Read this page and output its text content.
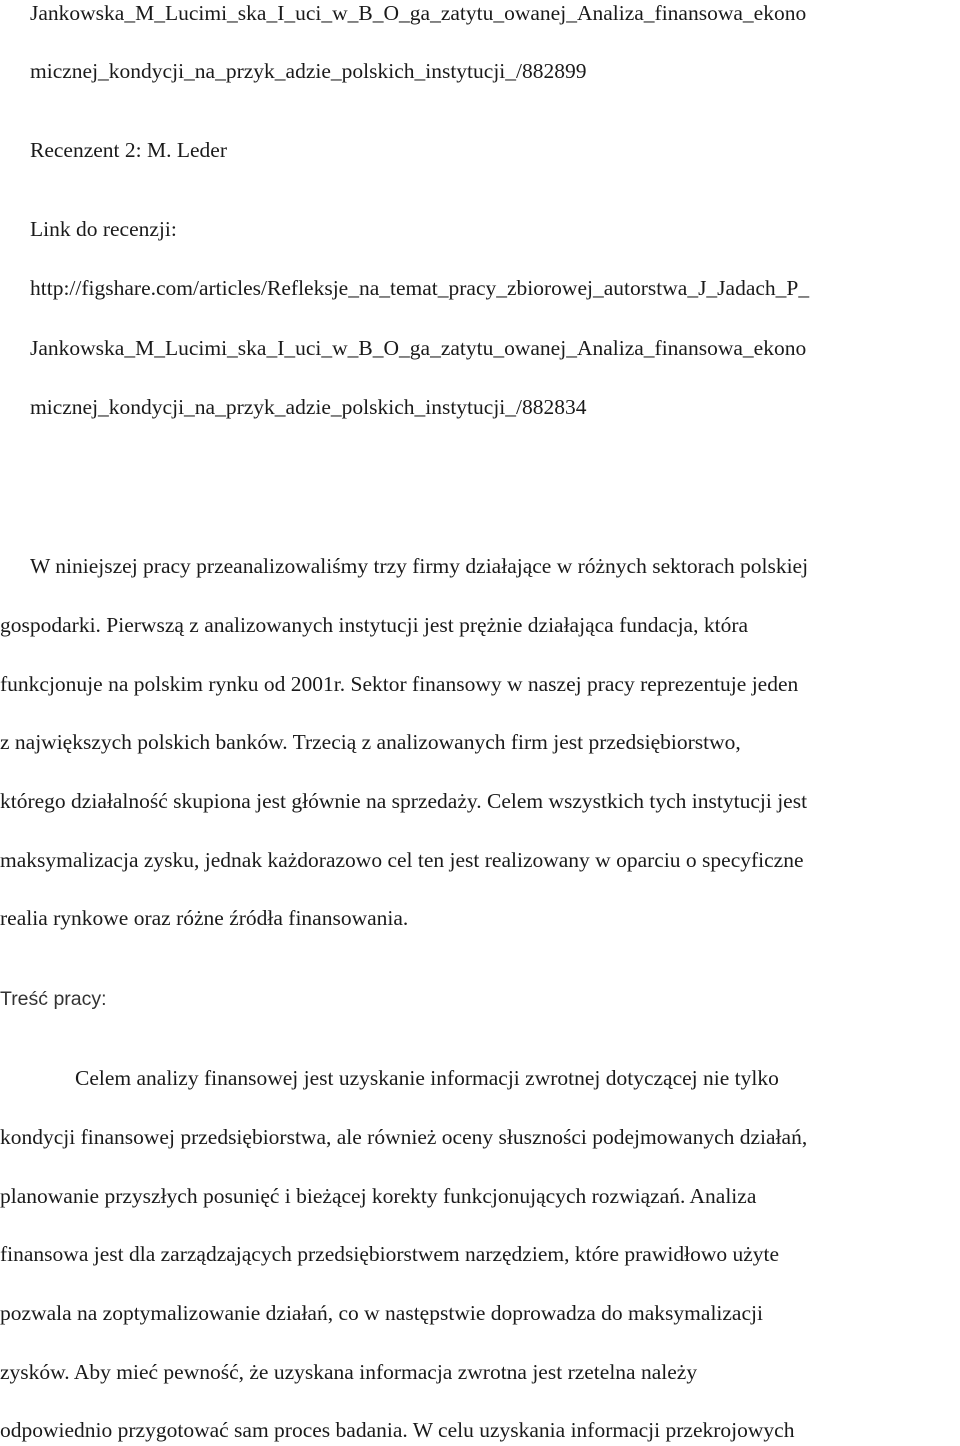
Jankowska_M_Lucimi_ska_I_uci_w_B_O_ga_zatytu_owanej_Analiza_finansowa_ekono
micznej_kondycji_na_przyk_adzie_polskich_instytucji_/882899
Recenzent 2: M. Leder
Link do recenzji:
http://figshare.com/articles/Refleksje_na_temat_pracy_zbiorowej_autorstwa_J_Jadach_P_
Jankowska_M_Lucimi_ska_I_uci_w_B_O_ga_zatytu_owanej_Analiza_finansowa_ekono
micznej_kondycji_na_przyk_adzie_polskich_instytucji_/882834
W niniejszej pracy przeanalizowaliśmy trzy firmy działające w różnych sektorach polskiej
gospodarki. Pierwszą z analizowanych instytucji jest prężnie działająca fundacja, która
funkcjonuje na polskim rynku od 2001r. Sektor finansowy w naszej pracy reprezentuje jeden
z największych polskich banków. Trzecią z analizowanych firm jest przedsiębiorstwo,
którego działalność skupiona jest głównie na sprzedaży. Celem wszystkich tych instytucji jest
maksymalizacja zysku, jednak każdorazowo cel ten jest realizowany w oparciu o specyficzne
realia rynkowe oraz różne źródła finansowania.
Treść pracy:
Celem analizy finansowej jest uzyskanie informacji zwrotnej dotyczącej nie tylko
kondycji finansowej przedsiębiorstwa, ale również oceny słuszności podejmowanych działań,
planowanie przyszłych posunięć i bieżącej korekty funkcjonujących rozwiązań. Analiza
finansowa jest dla zarządzających przedsiębiorstwem narzędziem, które prawidłowo użyte
pozwala na zoptymalizowanie działań, co w następstwie doprowadza do maksymalizacji
zysków. Aby mieć pewność, że uzyskana informacja zwrotna jest rzetelna należy
odpowiednio przygotować sam proces badania. W celu uzyskania informacji przekrojowych
